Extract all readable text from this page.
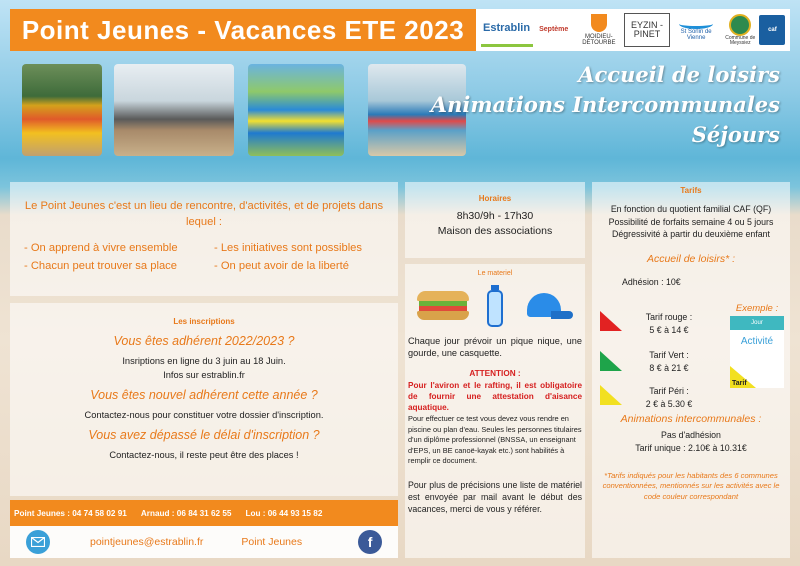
Point Jeunes - Vacances ETE 2023	Estrablin	Septème
MOIDIEU-DÉTOURBE
EYZIN - PINET	St Sorlin de Vienne	Commune de Meyssiez
caf
Accueil de loisirs
Animations Intercommunales
Séjours
Le Point Jeunes c'est un lieu de rencontre, d'activités, et de projets dans lequel :
- On apprend à vivre ensemble	- Les initiatives sont possibles
- Chacun peut trouver sa place	- On peut avoir de la liberté
Les inscriptions
Vous êtes adhérent 2022/2023 ?
Insriptions en ligne du 3 juin au 18 Juin.
Infos sur estrablin.fr
Vous êtes nouvel adhérent cette année ?
Contactez-nous pour constituer votre dossier d'inscription.
Vous avez dépassé le délai d'inscription ?
Contactez-nous, il reste peut être des places !
Point Jeunes : 04 74 58 02 91 Arnaud : 06 84 31 62 55 Lou : 06 44 93 15 82
pointjeunes@estrablin.fr	Point Jeunes	f
Horaires
8h30/9h - 17h30
Maison des associations
Le materiel
Chaque jour prévoir un pique nique, une gourde, une casquette.
ATTENTION :
Pour l'aviron et le rafting, il est obligatoire de fournir une attestation d'aisance aquatique.
Pour effectuer ce test vous devez vous rendre en piscine ou plan d'eau. Seules les personnes titulaires d'un diplôme professionnel (BNSSA, un enseignant d'EPS, un BE canoë-kayak etc.) sont habilités à remplir ce document.
Pour plus de précisions une liste de matériel est envoyée par mail avant le début des vacances, merci de vous y référer.
Tarifs
En fonction du quotient familial CAF (QF)
Possibilité de forfaits semaine 4 ou 5 jours
Dégressivité à partir du deuxième enfant
Accueil de loisirs* :
Adhésion : 10€
Tarif rouge :
5 € à 14 €
Tarif Vert :
8 € à 21 €
Tarif Péri :
2 € à 5.30 €
Exemple :
Jour
Activité
Tarif
Animations intercommunales :
Pas d'adhésion
Tarif unique : 2.10€ à 10.31€
*Tarifs indiqués pour les habitants des 6 communes conventionnées, mentionnés sur les activités avec le code couleur correspondant
